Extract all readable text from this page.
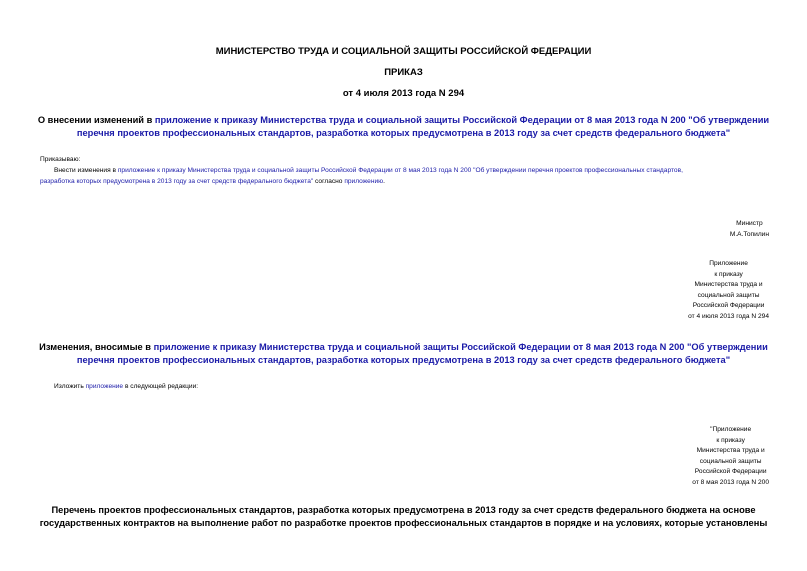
МИНИСТЕРСТВО ТРУДА И СОЦИАЛЬНОЙ ЗАЩИТЫ РОССИЙСКОЙ ФЕДЕРАЦИИ
ПРИКАЗ
от 4 июля 2013 года N 294
О внесении изменений в приложение к приказу Министерства труда и социальной защиты Российской Федерации от 8 мая 2013 года N 200 "Об утверждении
перечня проектов профессиональных стандартов, разработка которых предусмотрена в 2013 году за счет средств федерального бюджета"
Приказываю:
Внести изменения в приложение к приказу Министерства труда и социальной защиты Российской Федерации от 8 мая 2013 года N 200 "Об утверждении перечня проектов профессиональных стандартов,
разработка которых предусмотрена в 2013 году за счет средств федерального бюджета" согласно приложению.
Министр
М.А.Топилин
Приложение
к приказу
Министерства труда и
социальной защиты
Российской Федерации
от 4 июля 2013 года N 294
Изменения, вносимые в приложение к приказу Министерства труда и социальной защиты Российской Федерации от 8 мая 2013 года N 200 "Об утверждении
перечня проектов профессиональных стандартов, разработка которых предусмотрена в 2013 году за счет средств федерального бюджета"
Изложить приложение в следующей редакции:
"Приложение
к приказу
Министерства труда и
социальной защиты
Российской Федерации
от 8 мая 2013 года N 200
Перечень проектов профессиональных стандартов, разработка которых предусмотрена в 2013 году за счет средств федерального бюджета на основе
государственных контрактов на выполнение работ по разработке проектов профессиональных стандартов в порядке и на условиях, которые установлены
